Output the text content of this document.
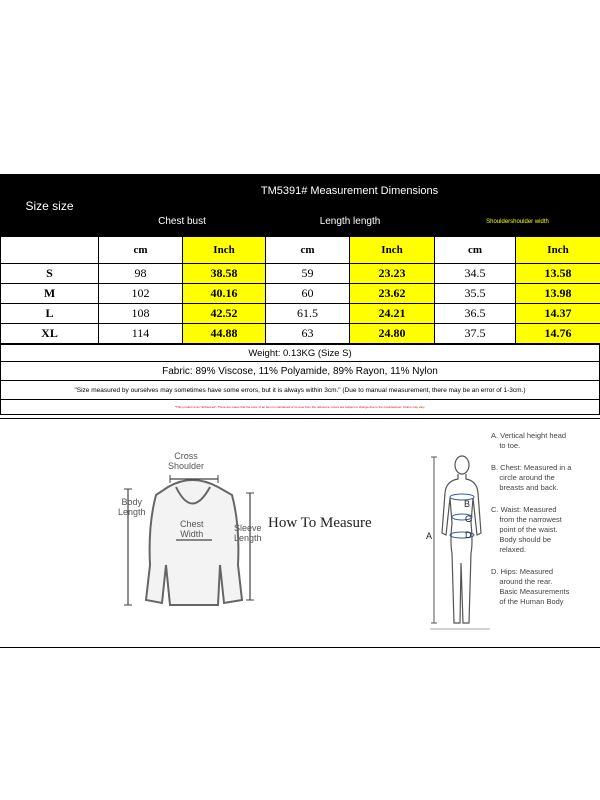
Size size	TM5391# Measurement Dimensions					
	Chest bust		Length length		Shouldershoulder width	
	cm	Inch	cm	Inch	cm	Inch
S	98	38.58	59	23.23	34.5	13.58
M	102	40.16	60	23.62	35.5	13.98
L	108	42.52	61.5	24.21	36.5	14.37
XL	114	44.88	63	24.80	37.5	14.76
Weight: 0.13KG (Size S)
Fabric: 89% Viscose, 11% Polyamide, 89% Rayon, 11% Nylon
"Size measured by ourselves may sometimes have some errors, but it is always within 3cm." (Due to manual measurement, there may be an error of 1-3cm.)
*This product is an "Enhanced". There are cases that the color of an item is maintained or its tone from the reference, colors are subject to change due to the manufacturer. Colors may vary.
Cross
Shoulder
Body
Length
Chest
Width
Sleeve
Length
How To Measure
A
B
C
D
A. Vertical height head
to toe.
B. Chest: Measured in a
circle around the
breasts and back.
C. Waist: Measured
from the narrowest
point of the waist.
Body should be
relaxed.
D. Hips: Measured
around the rear.
Basic Measurements
of the Human Body
